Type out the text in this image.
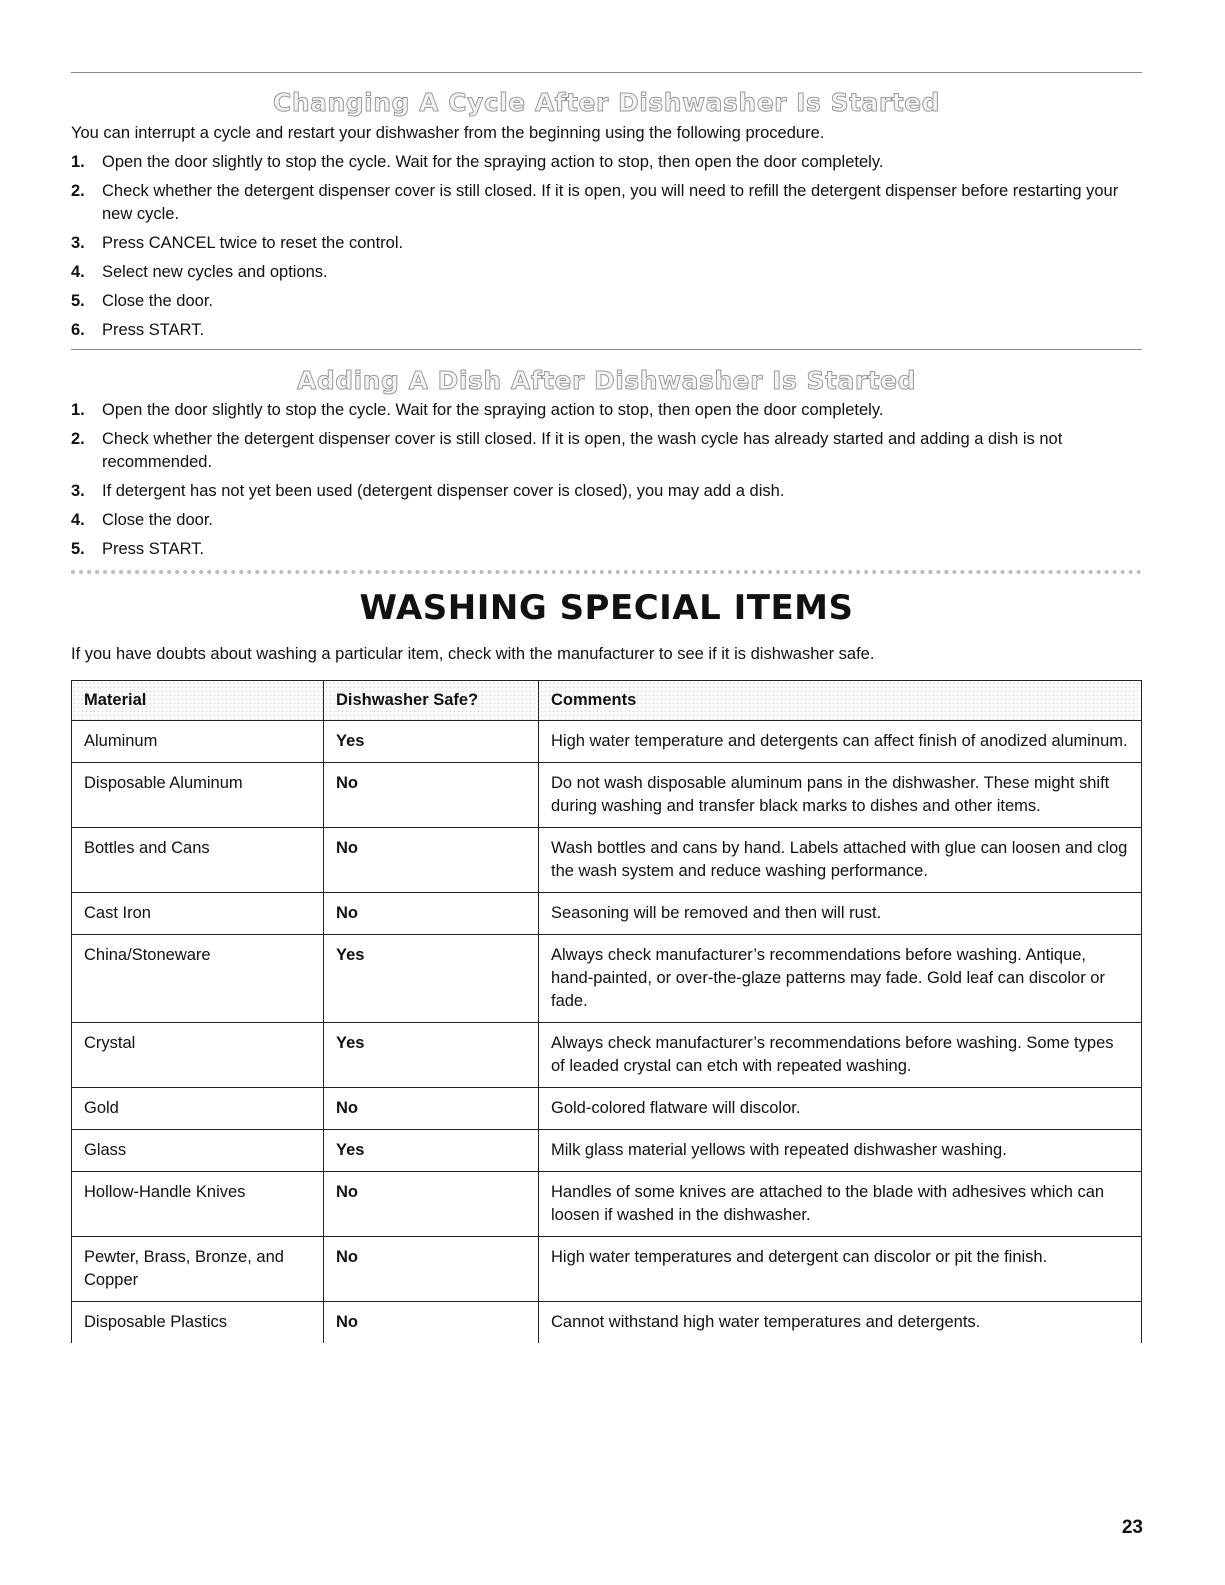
Changing A Cycle After Dishwasher Is Started
You can interrupt a cycle and restart your dishwasher from the beginning using the following procedure.
1.	Open the door slightly to stop the cycle. Wait for the spraying action to stop, then open the door completely.
2.	Check whether the detergent dispenser cover is still closed. If it is open, you will need to refill the detergent dispenser before restarting your new cycle.
3.	Press CANCEL twice to reset the control.
4.	Select new cycles and options.
5.	Close the door.
6.	Press START.
Adding A Dish After Dishwasher Is Started
1.	Open the door slightly to stop the cycle. Wait for the spraying action to stop, then open the door completely.
2.	Check whether the detergent dispenser cover is still closed. If it is open, the wash cycle has already started and adding a dish is not recommended.
3.	If detergent has not yet been used (detergent dispenser cover is closed), you may add a dish.
4.	Close the door.
5.	Press START.
WASHING SPECIAL ITEMS
If you have doubts about washing a particular item, check with the manufacturer to see if it is dishwasher safe.
Material	Dishwasher Safe?	Comments
Aluminum	Yes	High water temperature and detergents can affect finish of anodized aluminum.
Disposable Aluminum	No	Do not wash disposable aluminum pans in the dishwasher. These might shift during washing and transfer black marks to dishes and other items.
Bottles and Cans	No	Wash bottles and cans by hand. Labels attached with glue can loosen and clog the wash system and reduce washing performance.
Cast Iron	No	Seasoning will be removed and then will rust.
China/Stoneware	Yes	Always check manufacturer’s recommendations before washing. Antique, hand-painted, or over-the-glaze patterns may fade. Gold leaf can discolor or fade.
Crystal	Yes	Always check manufacturer’s recommendations before washing. Some types of leaded crystal can etch with repeated washing.
Gold	No	Gold-colored flatware will discolor.
Glass	Yes	Milk glass material yellows with repeated dishwasher washing.
Hollow-Handle Knives	No	Handles of some knives are attached to the blade with adhesives which can loosen if washed in the dishwasher.
Pewter, Brass, Bronze, and Copper	No	High water temperatures and detergent can discolor or pit the finish.
Disposable Plastics	No	Cannot withstand high water temperatures and detergents.
23
